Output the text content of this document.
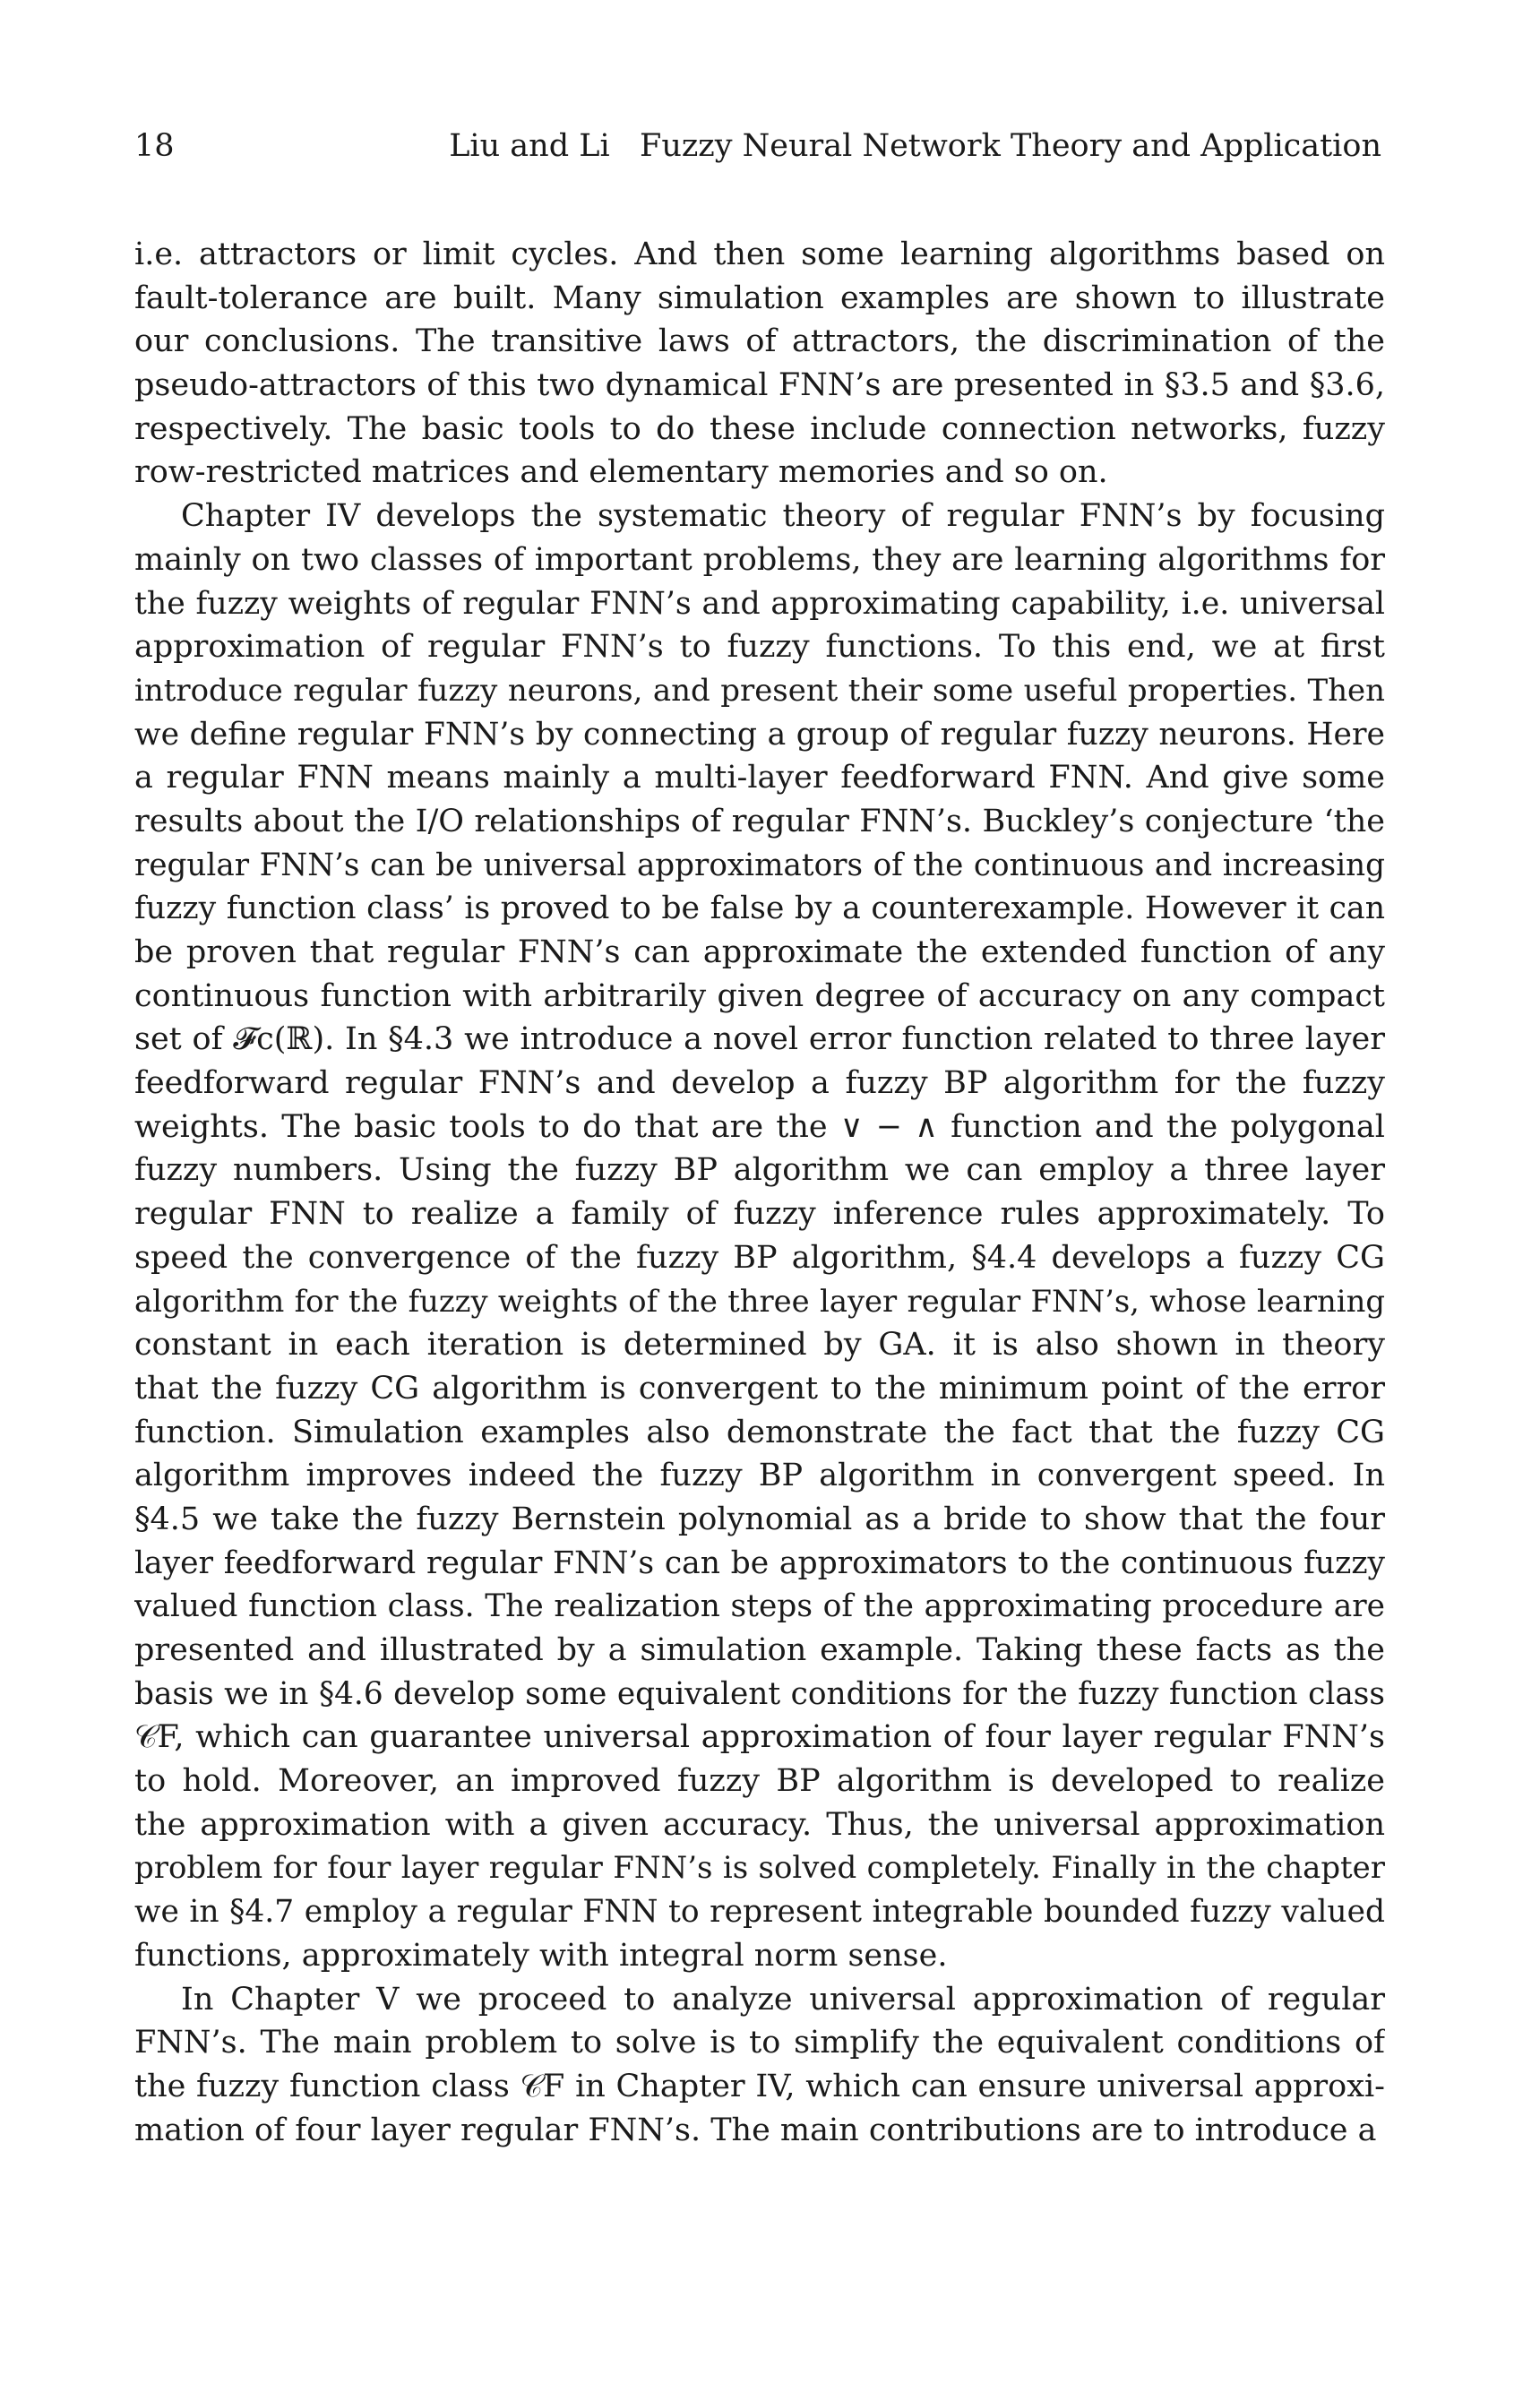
18	Liu and Li   Fuzzy Neural Network Theory and Application
i.e. attractors or limit cycles. And then some learning algorithms based on
fault-tolerance are built. Many simulation examples are shown to illustrate
our conclusions. The transitive laws of attractors, the discrimination of the
pseudo-attractors of this two dynamical FNN’s are presented in §3.5 and §3.6,
respectively. The basic tools to do these include connection networks, fuzzy
row-restricted matrices and elementary memories and so on.
Chapter IV develops the systematic theory of regular FNN’s by focusing
mainly on two classes of important problems, they are learning algorithms for
the fuzzy weights of regular FNN’s and approximating capability, i.e. universal
approximation of regular FNN’s to fuzzy functions. To this end, we at first
introduce regular fuzzy neurons, and present their some useful properties. Then
we define regular FNN’s by connecting a group of regular fuzzy neurons. Here
a regular FNN means mainly a multi-layer feedforward FNN. And give some
results about the I/O relationships of regular FNN’s. Buckley’s conjecture ‘the
regular FNN’s can be universal approximators of the continuous and increasing
fuzzy function class’ is proved to be false by a counterexample. However it can
be proven that regular FNN’s can approximate the extended function of any
continuous function with arbitrarily given degree of accuracy on any compact
set of 𝓕c(ℝ). In §4.3 we introduce a novel error function related to three layer
feedforward regular FNN’s and develop a fuzzy BP algorithm for the fuzzy
weights. The basic tools to do that are the ∨ − ∧ function and the polygonal
fuzzy numbers. Using the fuzzy BP algorithm we can employ a three layer
regular FNN to realize a family of fuzzy inference rules approximately. To
speed the convergence of the fuzzy BP algorithm, §4.4 develops a fuzzy CG
algorithm for the fuzzy weights of the three layer regular FNN’s, whose learning
constant in each iteration is determined by GA. it is also shown in theory
that the fuzzy CG algorithm is convergent to the minimum point of the error
function. Simulation examples also demonstrate the fact that the fuzzy CG
algorithm improves indeed the fuzzy BP algorithm in convergent speed. In
§4.5 we take the fuzzy Bernstein polynomial as a bride to show that the four
layer feedforward regular FNN’s can be approximators to the continuous fuzzy
valued function class. The realization steps of the approximating procedure are
presented and illustrated by a simulation example. Taking these facts as the
basis we in §4.6 develop some equivalent conditions for the fuzzy function class
𝒞F, which can guarantee universal approximation of four layer regular FNN’s
to hold. Moreover, an improved fuzzy BP algorithm is developed to realize
the approximation with a given accuracy. Thus, the universal approximation
problem for four layer regular FNN’s is solved completely. Finally in the chapter
we in §4.7 employ a regular FNN to represent integrable bounded fuzzy valued
functions, approximately with integral norm sense.
In Chapter V we proceed to analyze universal approximation of regular
FNN’s. The main problem to solve is to simplify the equivalent conditions of
the fuzzy function class 𝒞F in Chapter IV, which can ensure universal approxi-
mation of four layer regular FNN’s. The main contributions are to introduce a
